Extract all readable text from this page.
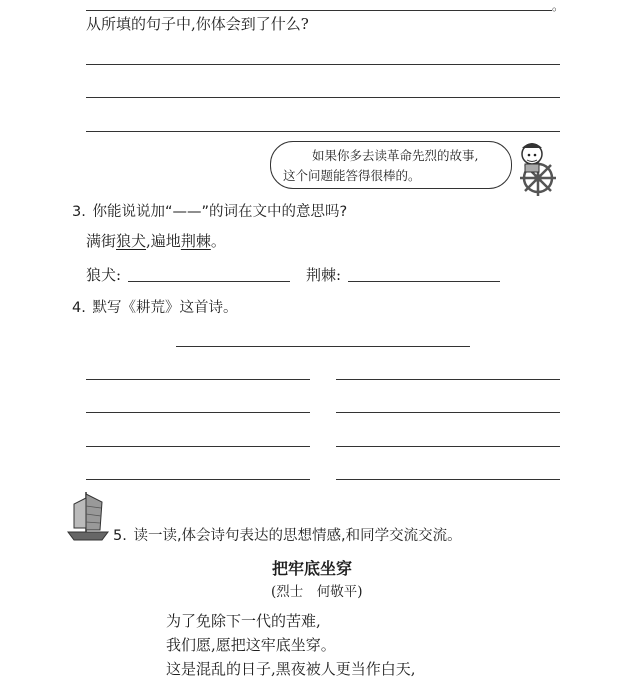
。
从所填的句子中,你体会到了什么?
如果你多去读革命先烈的故事,
这个问题能答得很棒的。
3. 你能说说加“——”的词在文中的意思吗?
满街狼犬,遍地荆棘。
狼犬:	荆棘:
4. 默写《耕荒》这首诗。
5. 读一读,体会诗句表达的思想情感,和同学交流交流。
把牢底坐穿
(烈士　何敬平)
为了免除下一代的苦难,
我们愿,愿把这牢底坐穿。
这是混乱的日子,黑夜被人更当作白天,
